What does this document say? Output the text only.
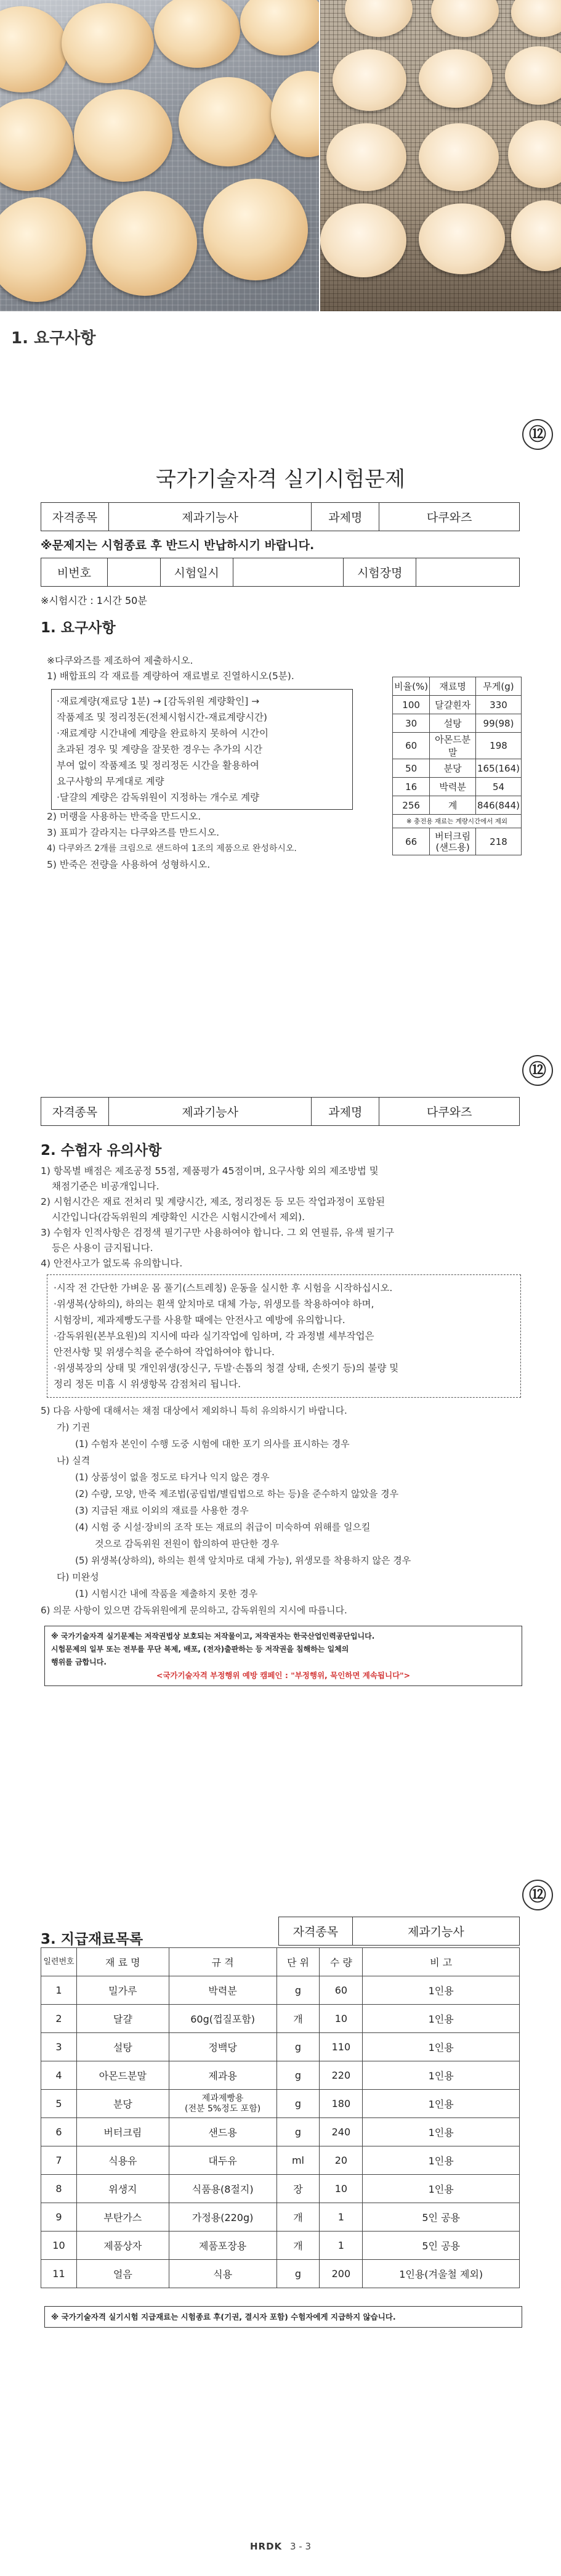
1. 요구사항
⑫
국가기술자격 실기시험문제
자격종목	제과기능사	과제명	다쿠와즈
※문제지는 시험종료 후 반드시 반납하시기 바랍니다.
비번호		시험일시		시험장명	
※시험시간 : 1시간 50분
1. 요구사항
※다쿠와즈를 제조하여 제출하시오.
1) 배합표의 각 재료를 계량하여 재료별로 진열하시오(5분).
·재료계량(재료당 1분) → [감독위원 계량확인] →
작품제조 및 정리정돈(전체시험시간-재료계량시간)
·재료계량 시간내에 계량을 완료하지 못하여 시간이
초과된 경우 및 계량을 잘못한 경우는 추가의 시간
부여 없이 작품제조 및 정리정돈 시간을 활용하여
요구사항의 무게대로 계량
·달걀의 계량은 감독위원이 지정하는 개수로 계량
2) 머랭을 사용하는 반죽을 만드시오.
3) 표피가 갈라지는 다쿠와즈를 만드시오.
4) 다쿠와즈 2개를 크림으로 샌드하여 1조의 제품으로 완성하시오.
5) 반죽은 전량을 사용하여 성형하시오.
비율(%)	재료명	무게(g)
100	달걀흰자	330
30	설탕	99(98)
60	아몬드분말	198
50	분당	165(164)
16	박력분	54
256	계	846(844)
※ 충전용 재료는 계량시간에서 제외		
66	버터크림
(샌드용)	218
⑫
자격종목	제과기능사	과제명	다쿠와즈
2. 수험자 유의사항
1) 항목별 배점은 제조공정 55점, 제품평가 45점이며, 요구사항 외의 제조방법 및
채점기준은 비공개입니다.
2) 시험시간은 재료 전처리 및 계량시간, 제조, 정리정돈 등 모든 작업과정이 포함된
시간입니다(감독위원의 계량확인 시간은 시험시간에서 제외).
3) 수험자 인적사항은 검정색 필기구만 사용하여야 합니다. 그 외 연필류, 유색 필기구
등은 사용이 금지됩니다.
4) 안전사고가 없도록 유의합니다.
·시작 전 간단한 가벼운 몸 풀기(스트레칭) 운동을 실시한 후 시험을 시작하십시오.
·위생복(상하의), 하의는 흰색 앞치마로 대체 가능, 위생모를 착용하여야 하며,
시험장비, 제과제빵도구를 사용할 때에는 안전사고 예방에 유의합니다.
·감독위원(본부요원)의 지시에 따라 실기작업에 임하며, 각 과정별 세부작업은
안전사항 및 위생수칙을 준수하여 작업하여야 합니다.
·위생복장의 상태 및 개인위생(장신구, 두발·손톱의 청결 상태, 손씻기 등)의 불량 및
정리 정돈 미흡 시 위생항목 감점처리 됩니다.
5) 다음 사항에 대해서는 채점 대상에서 제외하니 특히 유의하시기 바랍니다.
가) 기권
(1) 수험자 본인이 수행 도중 시험에 대한 포기 의사를 표시하는 경우
나) 실격
(1) 상품성이 없을 정도로 타거나 익지 않은 경우
(2) 수량, 모양, 반죽 제조법(공립법/별립법으로 하는 등)을 준수하지 않았을 경우
(3) 지급된 재료 이외의 재료를 사용한 경우
(4) 시험 중 시설·장비의 조작 또는 재료의 취급이 미숙하여 위해를 일으킬
것으로 감독위원 전원이 합의하여 판단한 경우
(5) 위생복(상하의), 하의는 흰색 앞치마로 대체 가능), 위생모를 착용하지 않은 경우
다) 미완성
(1) 시험시간 내에 작품을 제출하지 못한 경우
6) 의문 사항이 있으면 감독위원에게 문의하고, 감독위원의 지시에 따릅니다.
※ 국가기술자격 실기문제는 저작권법상 보호되는 저작물이고, 저작권자는 한국산업인력공단입니다.
시험문제의 일부 또는 전부를 무단 복제, 배포, (전자)출판하는 등 저작권을 침해하는 일체의
행위를 금합니다.
<국가기술자격 부정행위 예방 캠페인 : "부정행위, 묵인하면 계속됩니다">
⑫
3. 지급재료목록	자격종목	제과기능사
일련번호	재 료 명	규 격	단 위	수 량	비 고
1	밀가루	박력분	g	60	1인용
2	달걀	60g(껍질포함)	개	10	1인용
3	설탕	정백당	g	110	1인용
4	아몬드분말	제과용	g	220	1인용
5	분당	제과제빵용
(전분 5%정도 포함)	g	180	1인용
6	버터크림	샌드용	g	240	1인용
7	식용유	대두유	ml	20	1인용
8	위생지	식품용(8절지)	장	10	1인용
9	부탄가스	가정용(220g)	개	1	5인 공용
10	제품상자	제품포장용	개	1	5인 공용
11	얼음	식용	g	200	1인용(겨울철 제외)
※ 국가기술자격 실기시험 지급재료는 시험종료 후(기권, 결시자 포함) 수험자에게 지급하지 않습니다.
HRDK 3 - 3
